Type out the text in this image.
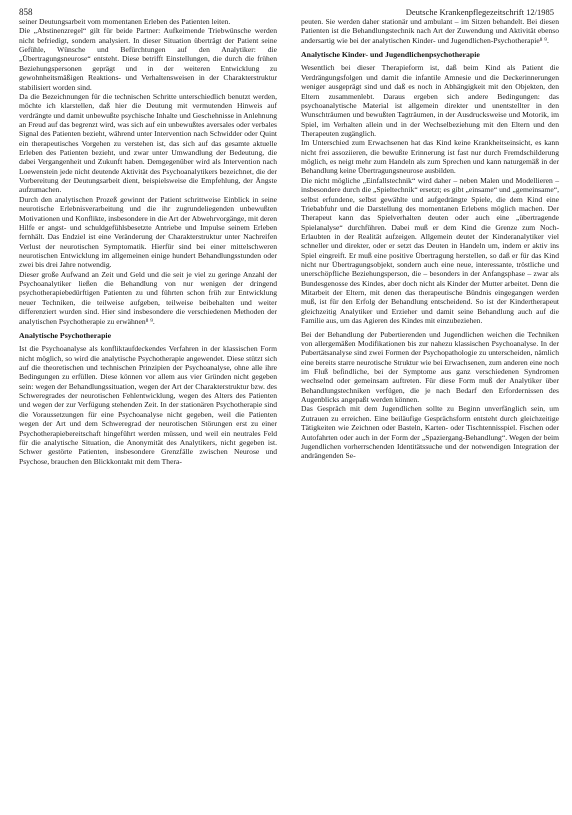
858	Deutsche Krankenpflegezeitschrift 12/1985

seiner Deutungsarbeit vom momentanen Erleben des Patienten leiten.

Die „Abstinenzregel“ gilt für beide Partner: Aufkeimende Triebwünsche werden nicht befriedigt, sondern analysiert. In dieser Situation überträgt der Patient seine Gefühle, Wünsche und Befürchtungen auf den Analytiker: die „Übertragungsneurose“ entsteht. Diese betrifft Einstellungen, die durch die frühen Beziehungspersonen geprägt und in der weiteren Entwicklung zu gewohnheitsmäßigen Reaktions- und Verhaltensweisen in der Charakterstruktur stabilisiert worden sind.

Da die Bezeichnungen für die technischen Schritte unterschiedlich benutzt werden, möchte ich klarstellen, daß hier die Deutung mit vermutenden Hinweis auf verdrängte und damit unbewußte psychische Inhalte und Geschehnisse in Anlehnung an Freud auf das begrenzt wird, was sich auf ein unbewußtes aversales oder verbales Signal des Patienten bezieht, während unter Intervention nach Schwidder oder Quint ein therapeutisches Vorgehen zu verstehen ist, das sich auf das gesamte aktuelle Erleben des Patienten bezieht, und zwar unter Umwandlung der Bedeutung, die dabei Vergangenheit und Zukunft haben. Demgegenüber wird als Intervention nach Loewenstein jede nicht deutende Aktivität des Psychoanalytikers bezeichnet, die der Vorbereitung der Deutungsarbeit dient, beispielsweise die Empfehlung, der Ängste aufzumachen.

Durch den analytischen Prozeß gewinnt der Patient schrittweise Einblick in seine neurotische Erlebnisverarbeitung und die ihr zugrundeliegenden unbewußten Motivationen und Konflikte, insbesondere in die Art der Abwehrvorgänge, mit deren Hilfe er angst- und schuldgefühlsbesetzte Antriebe und Impulse seinem Erleben fernhält. Das Endziel ist eine Veränderung der Charakterstruktur unter Nachreifen Verlust der neurotischen Symptomatik. Hierfür sind bei einer mittelschweren neurotischen Entwicklung im allgemeinen einige hundert Behandlungsstunden oder zwei bis drei Jahre notwendig.

Dieser große Aufwand an Zeit und Geld und die seit je viel zu geringe Anzahl der Psychoanalytiker ließen die Behandlung von nur wenigen der dringend psychotherapiebedürftigen Patienten zu und führten schon früh zur Entwicklung neuer Techniken, die teilweise aufgeben, teilweise beibehalten und weiter differenziert wurden sind. Hier sind insbesondere die verschiedenen Methoden der analytischen Psychotherapie zu erwähnen⁸ ⁹.

Analytische Psychotherapie

Ist die Psychoanalyse als konfliktaufdeckendes Verfahren in der klassischen Form nicht möglich, so wird die analytische Psychotherapie angewendet. Diese stützt sich auf die theoretischen und technischen Prinzipien der Psychoanalyse, ohne alle ihre Bedingungen zu erfüllen. Diese können vor allem aus vier Gründen nicht gegeben sein: wegen der Behandlungssituation, wegen der Art der Charakterstruktur bzw. des Schweregrades der neurotischen Fehlentwicklung, wegen des Alters des Patienten und wegen der zur Verfügung stehenden Zeit. In der stationären Psychotherapie sind die Voraussetzungen für eine Psychoanalyse nicht gegeben, weil die Patienten wegen der Art und dem Schweregrad der neurotischen Störungen erst zu einer Psychotherapiebereitschaft hingeführt werden müssen, und weil ein neutrales Feld für die analytische Situation, die Anonymität des Analytikers, nicht gegeben ist. Schwer gestörte Patienten, insbesondere Grenzfälle zwischen Neurose und Psychose, brauchen den Blickkontakt mit dem Thera-

peuten. Sie werden daher stationär und ambulant – im Sitzen behandelt. Bei diesen Patienten ist die Behandlungstechnik nach Art der Zuwendung und Aktivität ebenso andersartig wie bei der analytischen Kinder- und Jugendlichen-Psychotherapie⁸ ⁹.

Analytische Kinder- und Jugendlichenpsychotherapie

Wesentlich bei dieser Therapieform ist, daß beim Kind als Patient die Verdrängungsfolgen und damit die infantile Amnesie und die Deckerinnerungen weniger ausgeprägt sind und daß es noch in Abhängigkeit mit den Objekten, den Eltern zusammenlebt. Daraus ergeben sich andere Bedingungen: das psychoanalytische Material ist allgemein direkter und unentstellter in den Wunschträumen und bewußten Tagträumen, in der Ausdrucksweise und Motorik, im Spiel, im Verhalten allein und in der Wechselbeziehung mit den Eltern und den Therapeuten zugänglich.

Im Unterschied zum Erwachsenen hat das Kind keine Krankheitseinsicht, es kann nicht frei assoziieren, die bewußte Erinnerung ist fast nur durch Fremdschilderung möglich, es neigt mehr zum Handeln als zum Sprechen und kann naturgemäß in der Behandlung keine Übertragungsneurose ausbilden.

Die nicht mögliche „Einfallstechnik“ wird daher – neben Malen und Modellieren – insbesondere durch die „Spieltechnik“ ersetzt; es gibt „einsame“ und „gemeinsame“, selbst erfundene, selbst gewählte und aufgedrängte Spiele, die dem Kind eine Triebabfuhr und die Darstellung des momentanen Erlebens möglich machen. Der Therapeut kann das Spielverhalten deuten oder auch eine „übertragende Spielanalyse“ durchführen. Dabei muß er dem Kind die Grenze zum Noch-Erlaubten in der Realität aufzeigen. Allgemein deutet der Kinderanalytiker viel schneller und direkter, oder er setzt das Deuten in Handeln um, indem er aktiv ins Spiel eingreift. Er muß eine positive Übertragung herstellen, so daß er für das Kind nicht nur Übertragungsobjekt, sondern auch eine neue, interessante, tröstliche und unerschöpfliche Beziehungsperson, die – besonders in der Anfangsphase – zwar als Bundesgenosse des Kindes, aber doch nicht als Kinder der Mutter arbeitet. Denn die Mitarbeit der Eltern, mit denen das therapeutische Bündnis eingegangen werden muß, ist für den Erfolg der Behandlung entscheidend. So ist der Kindertherapeut gleichzeitig Analytiker und Erzieher und damit seine Behandlung auch auf die Familie aus, um das Agieren des Kindes mit einzubeziehen.

Bei der Behandlung der Pubertierenden und Jugendlichen weichen die Techniken von allergemäßen Modifikationen bis zur nahezu klassischen Psychoanalyse. In der Pubertätsanalyse sind zwei Formen der Psychopathologie zu unterscheiden, nämlich eine bereits starre neurotische Struktur wie bei Erwachsenen, zum anderen eine noch im Fluß befindliche, bei der Symptome aus ganz verschiedenen Syndromen wechselnd oder gemeinsam auftreten. Für diese Form muß der Analytiker über Behandlungstechniken verfügen, die je nach Bedarf den Erfordernissen des Augenblicks angepaßt werden können.

Das Gespräch mit dem Jugendlichen sollte zu Beginn unverfänglich sein, um Zutrauen zu erreichen. Eine beiläufige Gesprächsform entsteht durch gleichzeitige Tätigkeiten wie Zeichnen oder Basteln, Karten- oder Tischtennisspiel. Fischen oder Autofahrten oder auch in der Form der „Spaziergang-Behandlung“. Wegen der beim Jugendlichen vorherrschenden Identitätssuche und der notwendigen Integration der andrängenden Se-
